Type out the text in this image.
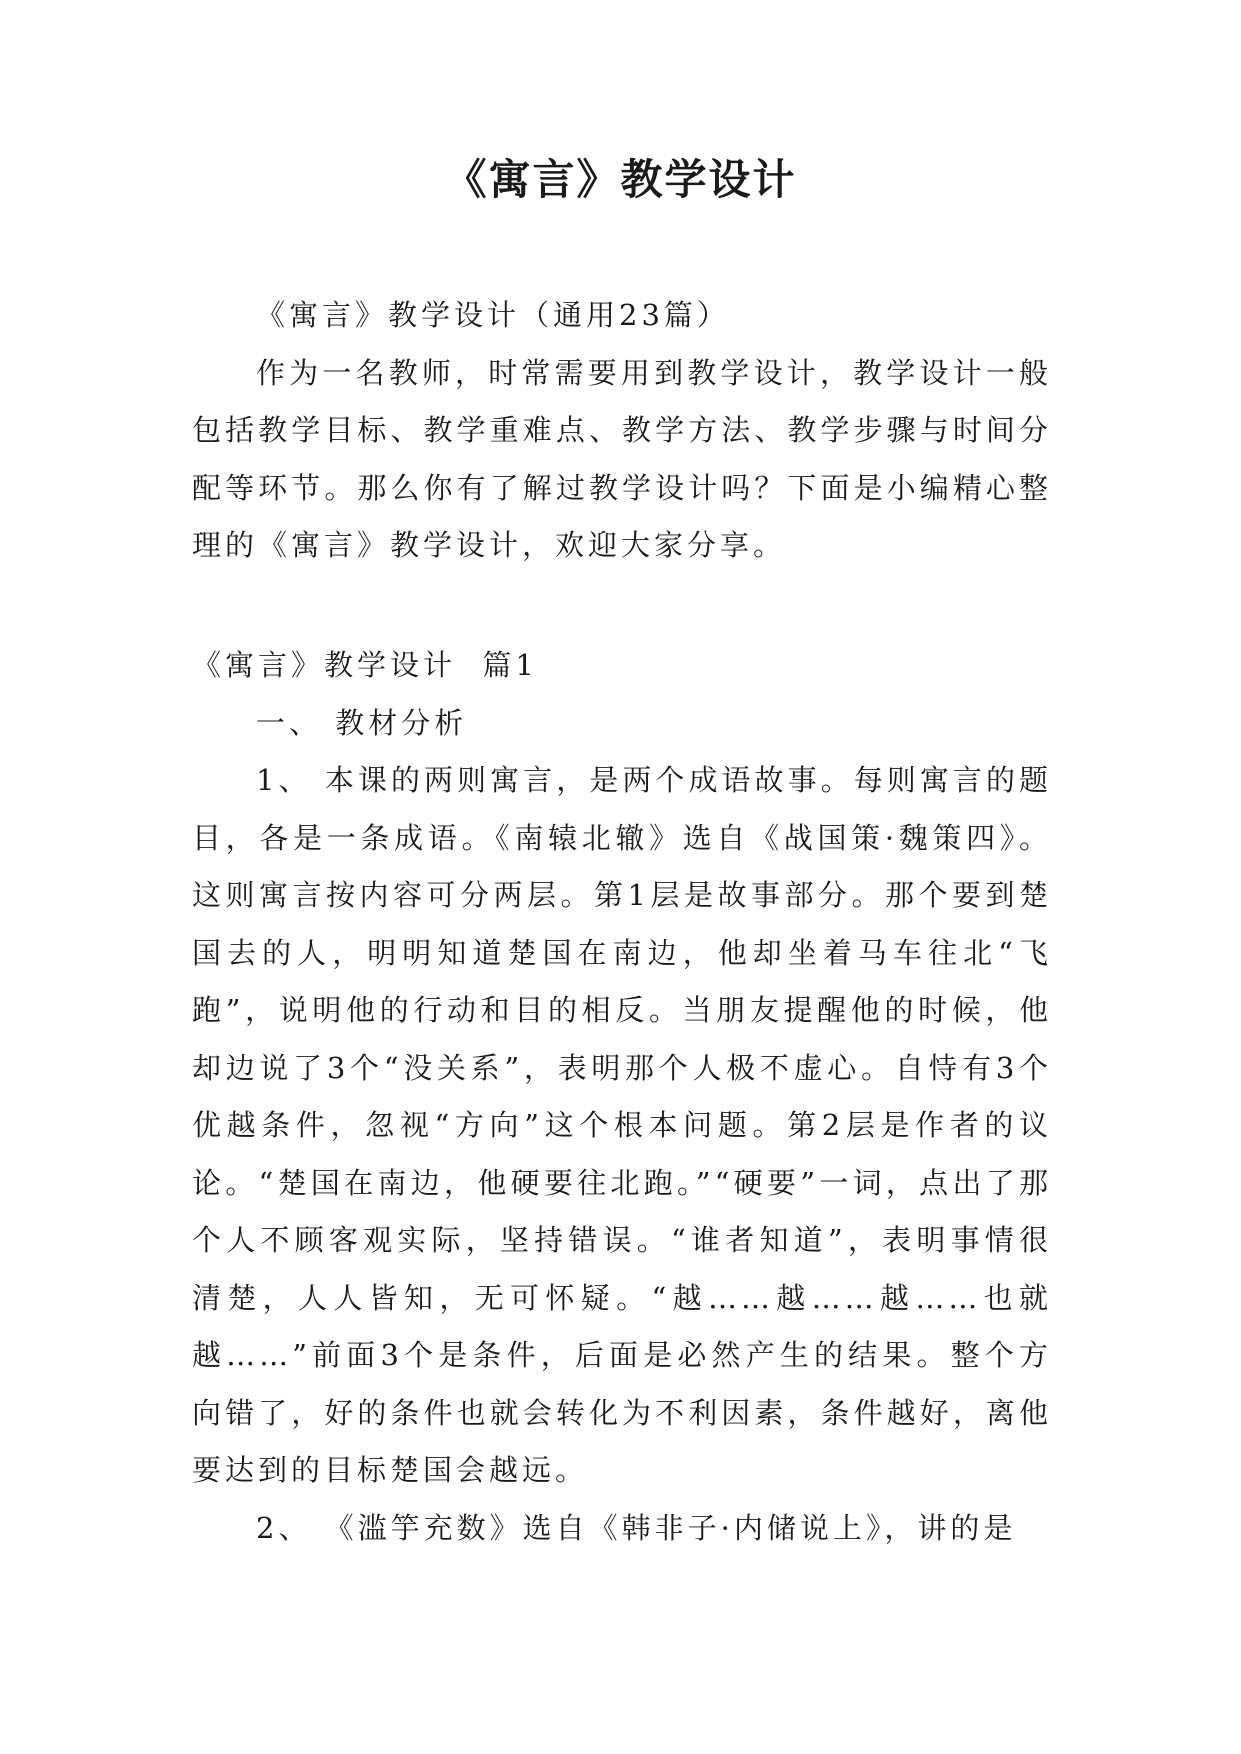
《寓言》教学设计

《寓言》教学设计（通用23篇）

作为一名教师，时常需要用到教学设计，教学设计一般包括教学目标、教学重难点、教学方法、教学步骤与时间分配等环节。那么你有了解过教学设计吗？下面是小编精心整理的《寓言》教学设计，欢迎大家分享。

《寓言》教学设计  篇1

一、 教材分析

1、 本课的两则寓言，是两个成语故事。每则寓言的题目，各是一条成语。《南辕北辙》选自《战国策·魏策四》。这则寓言按内容可分两层。第1层是故事部分。那个要到楚国去的人，明明知道楚国在南边，他却坐着马车往北“飞跑”，说明他的行动和目的相反。当朋友提醒他的时候，他却边说了3个“没关系”，表明那个人极不虚心。自恃有3个优越条件，忽视“方向”这个根本问题。第2层是作者的议论。“楚国在南边，他硬要往北跑。”“硬要”一词，点出了那个人不顾客观实际，坚持错误。“谁者知道”，表明事情很清楚，人人皆知，无可怀疑。“越……越……越……也就越……”前面3个是条件，后面是必然产生的结果。整个方向错了，好的条件也就会转化为不利因素，条件越好，离他要达到的目标楚国会越远。

2、 《滥竽充数》选自《韩非子·内储说上》，讲的是
